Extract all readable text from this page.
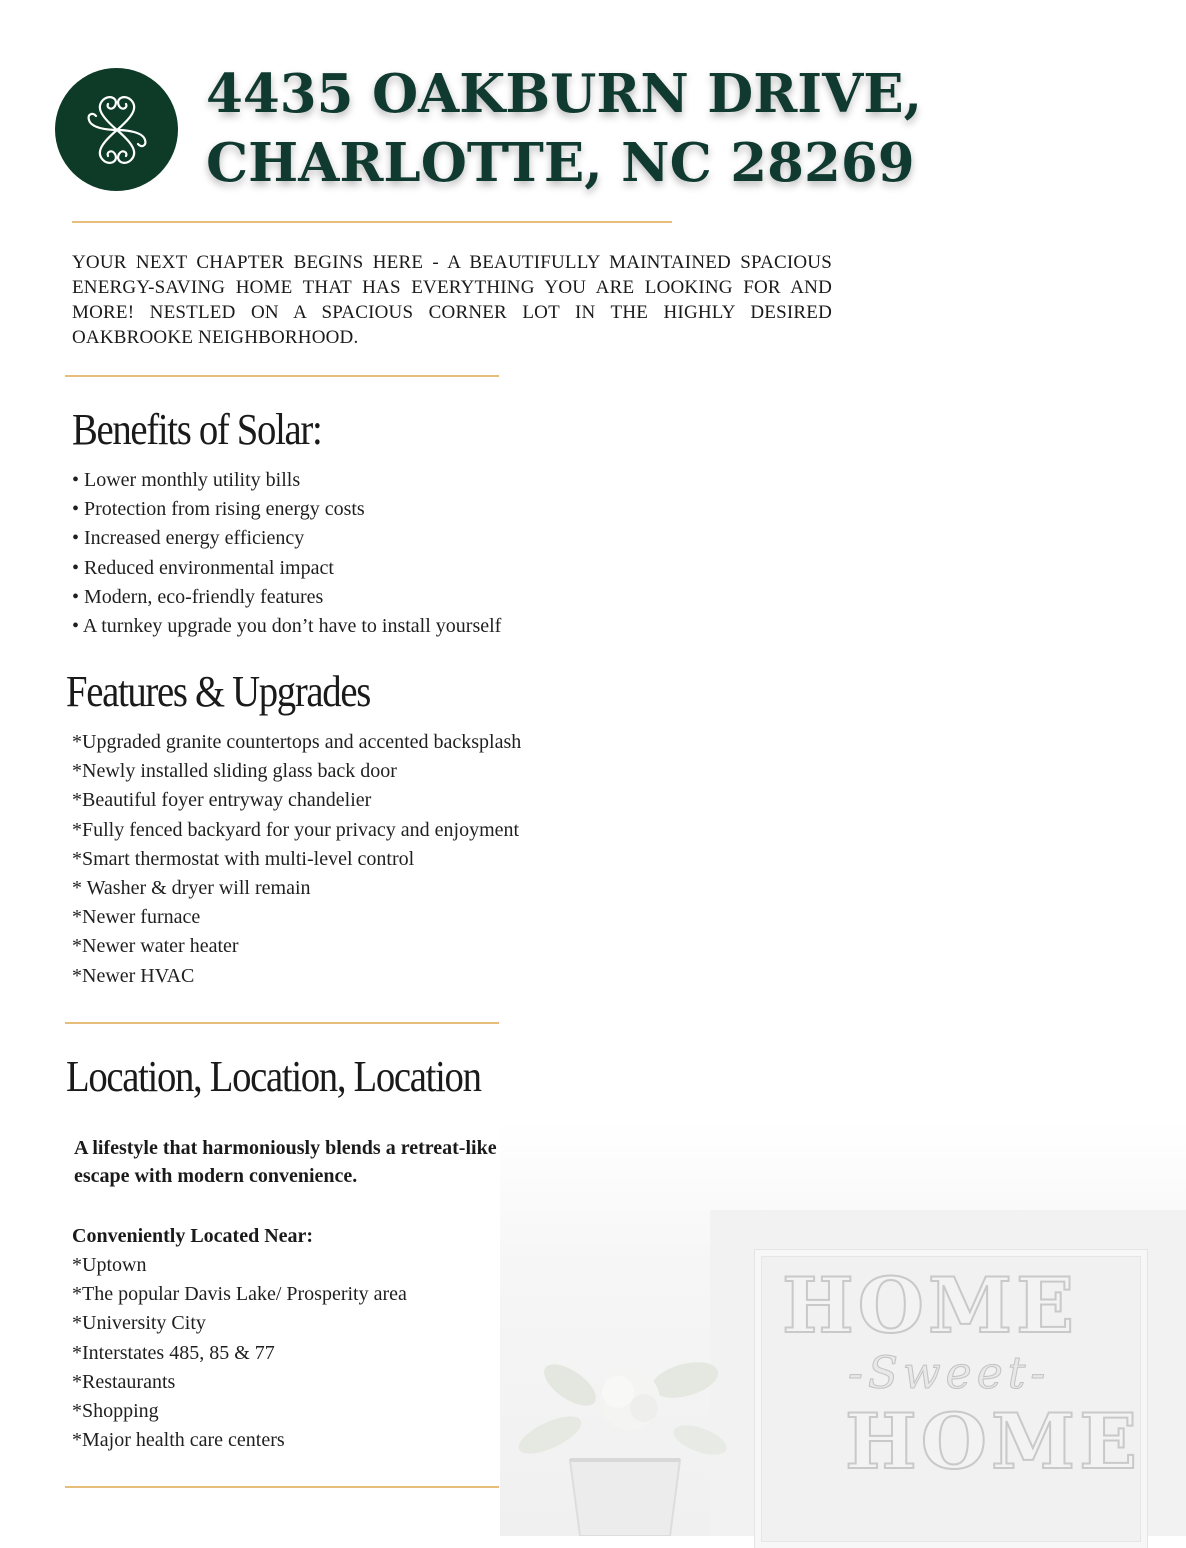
HOME
-Sweet-
HOME
4435 OAKBURN DRIVE,
CHARLOTTE, NC 28269

YOUR NEXT CHAPTER BEGINS HERE - A BEAUTIFULLY MAINTAINED SPACIOUS ENERGY-SAVING HOME THAT HAS EVERYTHING YOU ARE LOOKING FOR AND MORE! NESTLED ON A SPACIOUS CORNER LOT IN THE HIGHLY DESIRED OAKBROOKE NEIGHBORHOOD.

Benefits of Solar:
• Lower monthly utility bills
• Protection from rising energy costs
• Increased energy efficiency
• Reduced environmental impact
• Modern, eco-friendly features
• A turnkey upgrade you don’t have to install yourself
Features & Upgrades
*Upgraded granite countertops and accented backsplash
*Newly installed sliding glass back door
*Beautiful foyer entryway chandelier
*Fully fenced backyard for your privacy and enjoyment
*Smart thermostat with multi-level control
* Washer & dryer will remain
*Newer furnace
*Newer water heater
*Newer HVAC
Location, Location, Location

A lifestyle that harmoniously blends a retreat-like escape with modern convenience.

Conveniently Located Near:

*Uptown
*The popular Davis Lake/ Prosperity area
*University City
*Interstates 485, 85 & 77
*Restaurants
*Shopping
*Major health care centers
